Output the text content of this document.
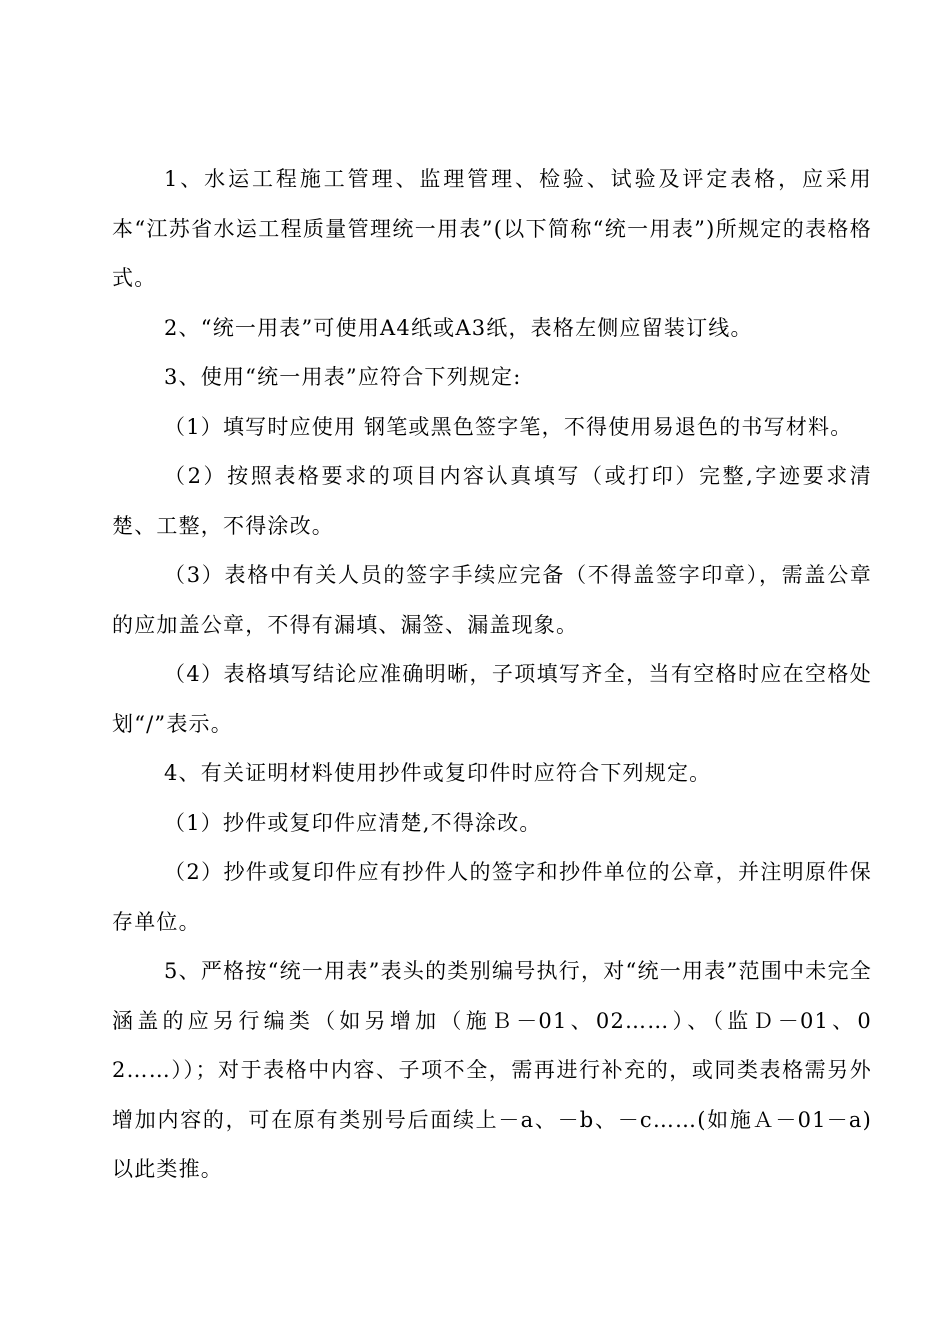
1、水运工程施工管理、监理管理、检验、试验及评定表格，应采用本“江苏省水运工程质量管理统一用表”(以下简称“统一用表”)所规定的表格格式。

2、“统一用表”可使用A4纸或A3纸，表格左侧应留装订线。

3、使用“统一用表”应符合下列规定:

（1）填写时应使用 钢笔或黑色签字笔，不得使用易退色的书写材料。

（2）按照表格要求的项目内容认真填写（或打印）完整,字迹要求清楚、工整，不得涂改。

（3）表格中有关人员的签字手续应完备（不得盖签字印章），需盖公章的应加盖公章，不得有漏填、漏签、漏盖现象。

（4）表格填写结论应准确明晰，子项填写齐全，当有空格时应在空格处划“/”表示。

4、有关证明材料使用抄件或复印件时应符合下列规定。

（1）抄件或复印件应清楚,不得涂改。

（2）抄件或复印件应有抄件人的签字和抄件单位的公章，并注明原件保存单位。

5、严格按“统一用表”表头的类别编号执行，对“统一用表”范围中未完全涵盖的应另行编类（如另增加（施Ｂ－01、02……）、（监Ｄ－01、02……））；对于表格中内容、子项不全，需再进行补充的，或同类表格需另外增加内容的，可在原有类别号后面续上－a、－b、－c……(如施Ａ－01－a)以此类推。
